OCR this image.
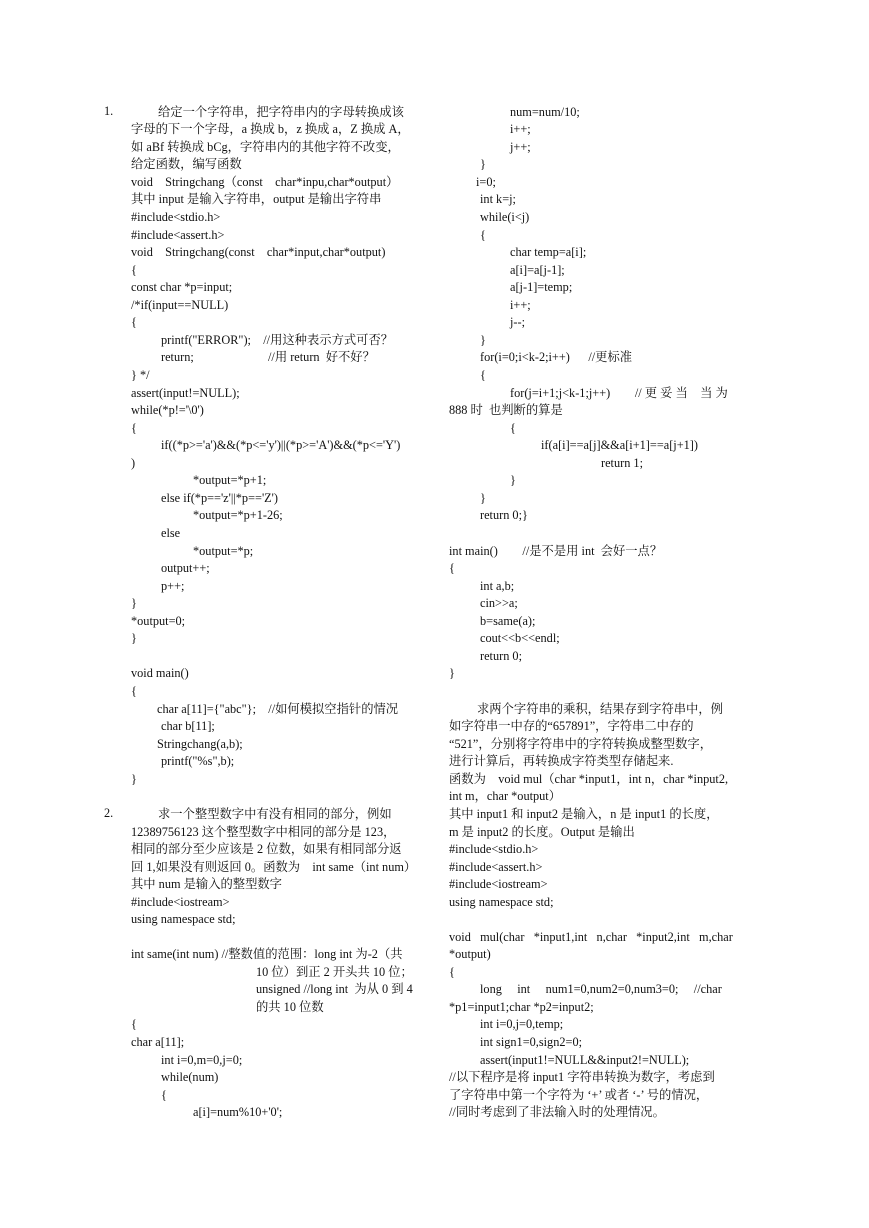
给定一个字符串，把字符串内的字母转换成该
字母的下一个字母，a 换成 b，z 换成 a，Z 换成 A，
如 aBf 转换成 bCg，字符串内的其他字符不改变，
给定函数，编写函数
void    Stringchang（const    char*inpu,char*output）
其中 input 是输入字符串，output 是输出字符串
#include<stdio.h>
#include<assert.h>
void    Stringchang(const    char*input,char*output)
{
const char *p=input;
/*if(input==NULL)
{
printf("ERROR");    //用这种表示方式可否？
return;	//用 return  好不好？
} */
assert(input!=NULL);
while(*p!='\0')
{
if((*p>='a')&&(*p<='y')||(*p>='A')&&(*p<='Y')
)
*output=*p+1;
else if(*p=='z'||*p=='Z')
*output=*p+1-26;
else
*output=*p;
output++;
p++;
}
*output=0;
}
void main()
{
char a[11]={"abc"};    //如何模拟空指针的情况
char b[11];
Stringchang(a,b);
printf("%s",b);
}
求一个整型数字中有没有相同的部分，例如
12389756123 这个整型数字中相同的部分是 123，
相同的部分至少应该是 2 位数，如果有相同部分返
回 1,如果没有则返回 0。函数为    int same（int num）
其中 num 是输入的整型数字
#include<iostream>
using namespace std;
int same(int num) //整数值的范围：long int 为-2（共
10 位）到正 2 开头共 10 位；
unsigned //long int  为从 0 到 4
的共 10 位数
{
char a[11];
int i=0,m=0,j=0;
while(num)
{
a[i]=num%10+'0';
num=num/10;
i++;
j++;
}
i=0;
int k=j;
while(i<j)
{
char temp=a[i];
a[i]=a[j-1];
a[j-1]=temp;
i++;
j--;
}
for(i=0;i<k-2;i++)      //更标准
{
for(j=i+1;j<k-1;j++)        // 更 妥 当    当 为
888 时  也判断的算是
{
if(a[i]==a[j]&&a[i+1]==a[j+1])
return 1;
}
}
return 0;}
int main()        //是不是用 int  会好一点？
{
int a,b;
cin>>a;
b=same(a);
cout<<b<<endl;
return 0;
}
求两个字符串的乘积，结果存到字符串中，例
如字符串一中存的“657891”，字符串二中存的
“521”，分别将字符串中的字符转换成整型数字，
进行计算后，再转换成字符类型存储起来.
函数为    void mul（char *input1，int n，char *input2,
int m，char *output）
其中 input1 和 input2 是输入，n 是 input1 的长度，
m 是 input2 的长度。Output 是输出
#include<stdio.h>
#include<assert.h>
#include<iostream>
using namespace std;
void   mul(char   *input1,int   n,char   *input2,int   m,char
*output)
{
long     int     num1=0,num2=0,num3=0;     //char
*p1=input1;char *p2=input2;
int i=0,j=0,temp;
int sign1=0,sign2=0;
assert(input1!=NULL&&input2!=NULL);
//以下程序是将 input1 字符串转换为数字，考虑到
了字符串中第一个字符为 ‘+’ 或者 ‘-’ 号的情况，
//同时考虑到了非法输入时的处理情况。
1.
2.
